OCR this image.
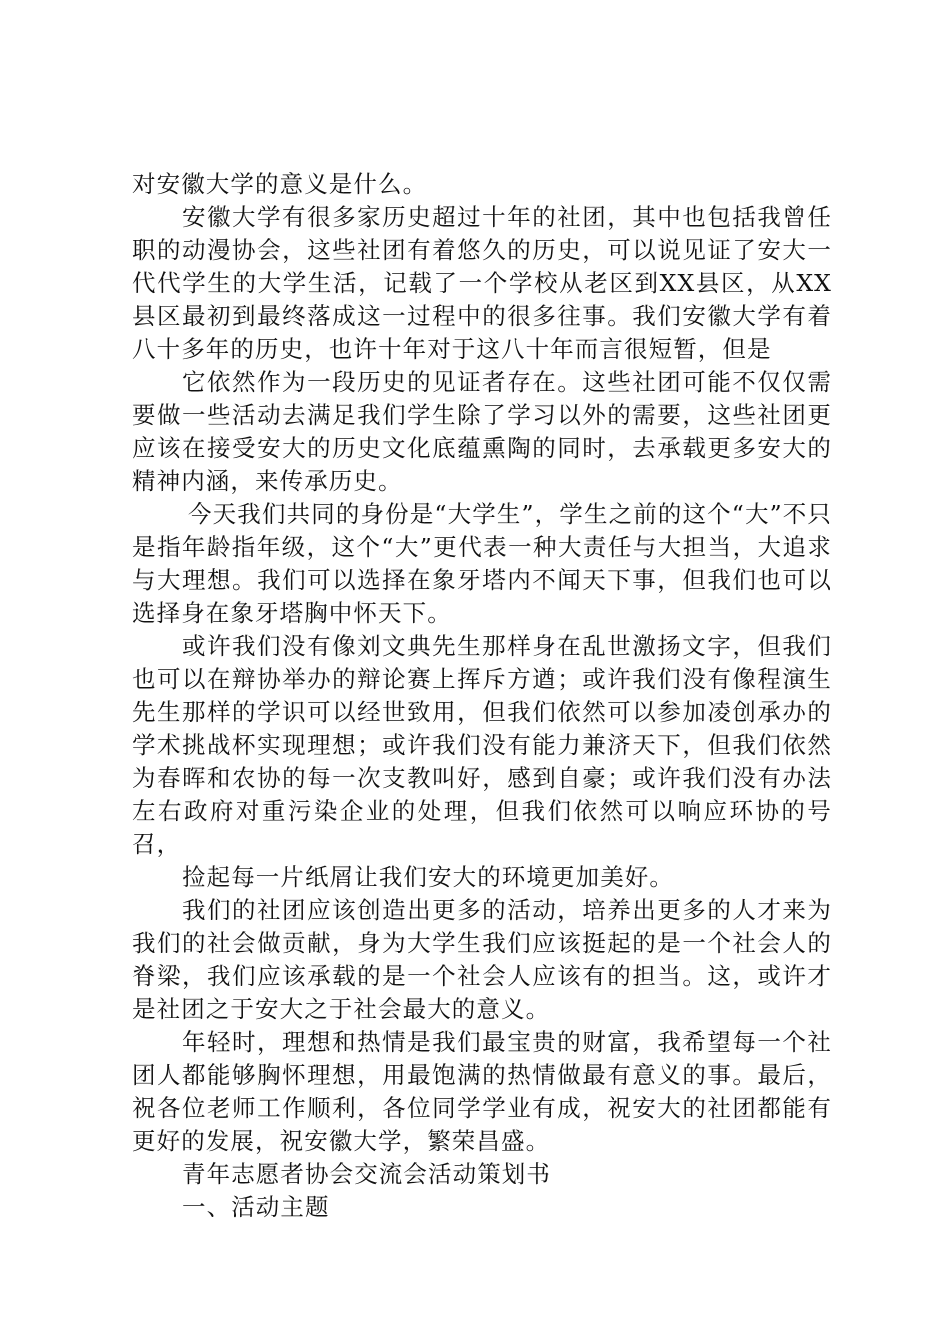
对安徽大学的意义是什么。

安徽大学有很多家历史超过十年的社团，其中也包括我曾任职的动漫协会，这些社团有着悠久的历史，可以说见证了安大一代代学生的大学生活，记载了一个学校从老区到XX县区，从XX县区最初到最终落成这一过程中的很多往事。我们安徽大学有着八十多年的历史，也许十年对于这八十年而言很短暂，但是

它依然作为一段历史的见证者存在。这些社团可能不仅仅需要做一些活动去满足我们学生除了学习以外的需要，这些社团更应该在接受安大的历史文化底蕴熏陶的同时，去承载更多安大的精神内涵，来传承历史。

今天我们共同的身份是“大学生”，学生之前的这个“大”不只是指年龄指年级，这个“大”更代表一种大责任与大担当，大追求与大理想。我们可以选择在象牙塔内不闻天下事，但我们也可以选择身在象牙塔胸中怀天下。

或许我们没有像刘文典先生那样身在乱世激扬文字，但我们也可以在辩协举办的辩论赛上挥斥方遒；或许我们没有像程演生先生那样的学识可以经世致用，但我们依然可以参加凌创承办的学术挑战杯实现理想；或许我们没有能力兼济天下，但我们依然为春晖和农协的每一次支教叫好，感到自豪；或许我们没有办法左右政府对重污染企业的处理，但我们依然可以响应环协的号召，

捡起每一片纸屑让我们安大的环境更加美好。

我们的社团应该创造出更多的活动，培养出更多的人才来为我们的社会做贡献，身为大学生我们应该挺起的是一个社会人的脊梁，我们应该承载的是一个社会人应该有的担当。这，或许才是社团之于安大之于社会最大的意义。

年轻时，理想和热情是我们最宝贵的财富，我希望每一个社团人都能够胸怀理想，用最饱满的热情做最有意义的事。最后，祝各位老师工作顺利，各位同学学业有成，祝安大的社团都能有更好的发展，祝安徽大学，繁荣昌盛。

青年志愿者协会交流会活动策划书

一、活动主题
